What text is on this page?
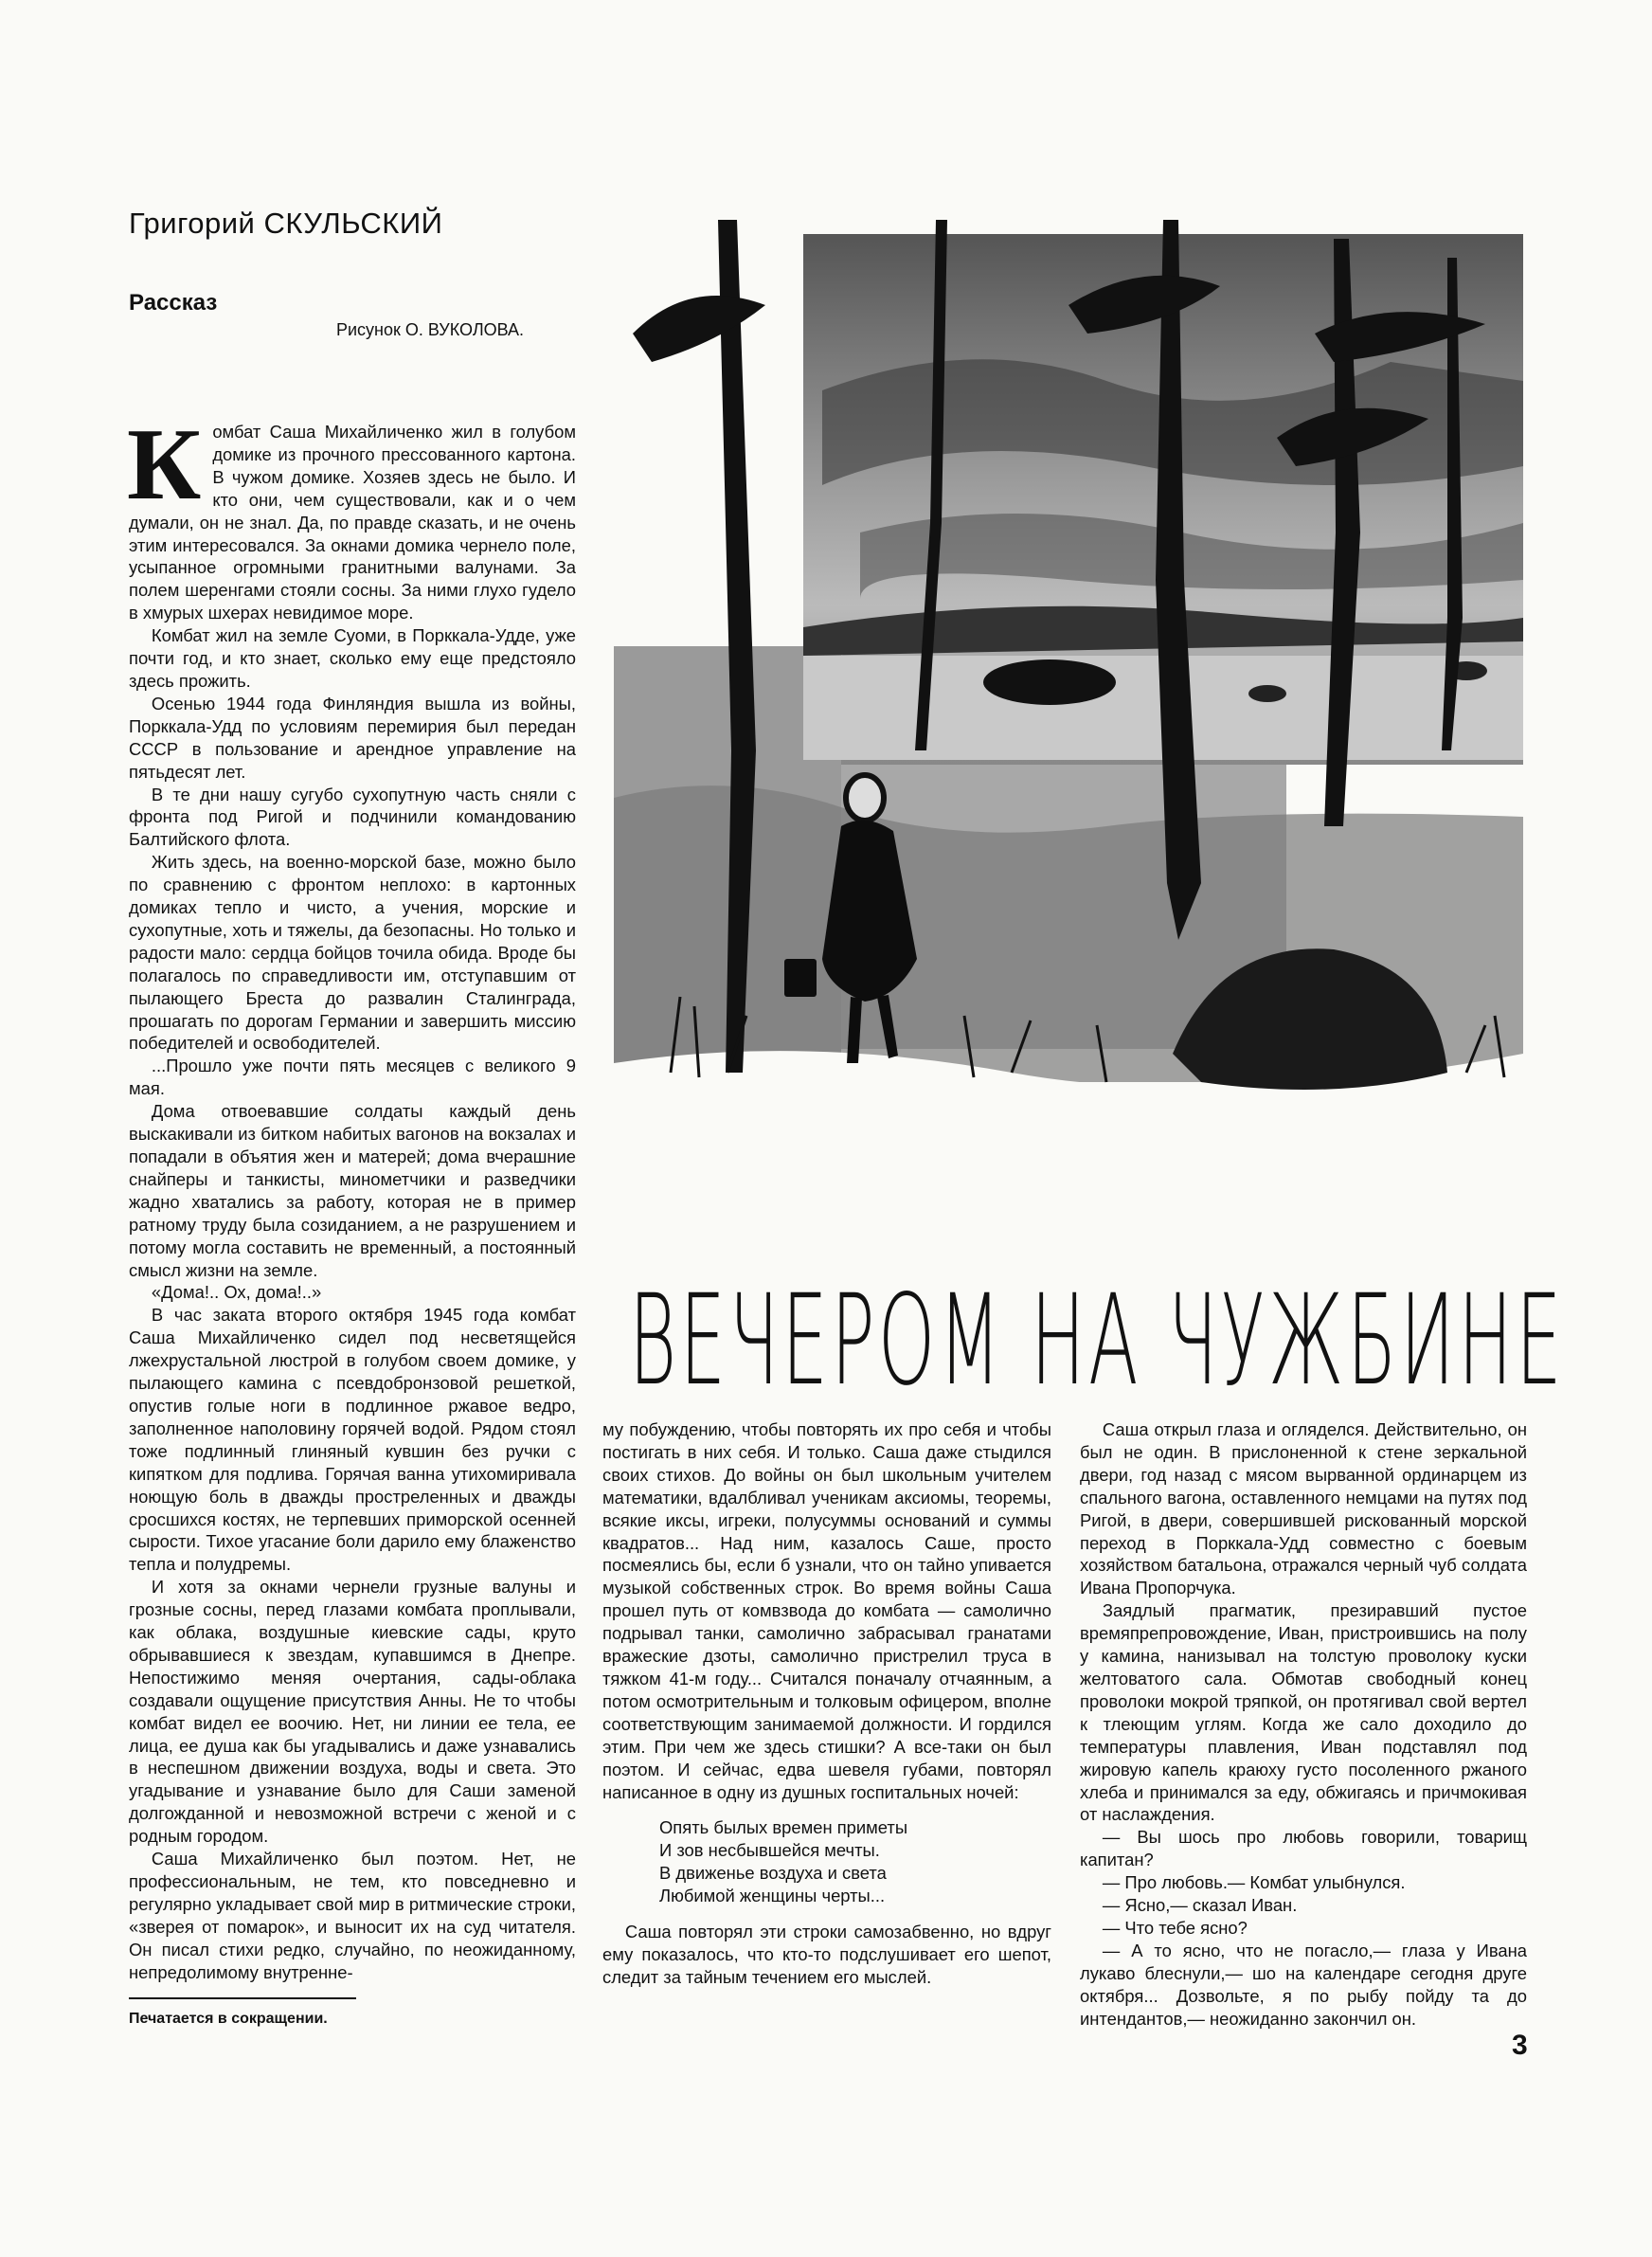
Григорий СКУЛЬСКИЙ
Рассказ
Рисунок О. ВУКОЛОВА.
ВЕЧЕРОМ НА ЧУЖБИНЕ

Комбат Саша Михайличенко жил в голубом домике из прочного прессованного картона. В чужом домике. Хозяев здесь не было. И кто они, чем существовали, как и о чем думали, он не знал. Да, по правде сказать, и не очень этим интересовался. За окнами домика чернело поле, усыпанное огромными гранитными валунами. За полем шеренгами стояли сосны. За ними глухо гудело в хмурых шхерах невидимое море.

Комбат жил на земле Суоми, в Порккала-Удде, уже почти год, и кто знает, сколько ему еще предстояло здесь прожить.

Осенью 1944 года Финляндия вышла из войны, Порккала-Удд по условиям перемирия был передан СССР в пользование и арендное управление на пятьдесят лет.

В те дни нашу сугубо сухопутную часть сняли с фронта под Ригой и подчинили командованию Балтийского флота.

Жить здесь, на военно-морской базе, можно было по сравнению с фронтом неплохо: в картонных домиках тепло и чисто, а учения, морские и сухопутные, хоть и тяжелы, да безопасны. Но только и радости мало: сердца бойцов точила обида. Вроде бы полагалось по справедливости им, отступавшим от пылающего Бреста до развалин Сталинграда, прошагать по дорогам Германии и завершить миссию победителей и освободителей.

...Прошло уже почти пять месяцев с великого 9 мая.

Дома отвоевавшие солдаты каждый день выскакивали из битком набитых вагонов на вокзалах и попадали в объятия жен и матерей; дома вчерашние снайперы и танкисты, минометчики и разведчики жадно хватались за работу, которая не в пример ратному труду была созиданием, а не разрушением и потому могла составить не временный, а постоянный смысл жизни на земле.

«Дома!.. Ох, дома!..»

В час заката второго октября 1945 года комбат Саша Михайличенко сидел под несветящейся лжехрустальной люстрой в голубом своем домике, у пылающего камина с псевдобронзовой решеткой, опустив голые ноги в подлинное ржавое ведро, заполненное наполовину горячей водой. Рядом стоял тоже подлинный глиняный кувшин без ручки с кипятком для подлива. Горячая ванна утихомиривала ноющую боль в дважды простреленных и дважды сросшихся костях, не терпевших приморской осенней сырости. Тихое угасание боли дарило ему блаженство тепла и полудремы.

И хотя за окнами чернели грузные валуны и грозные сосны, перед глазами комбата проплывали, как облака, воздушные киевские сады, круто обрывавшиеся к звездам, купавшимся в Днепре. Непостижимо меняя очертания, сады-облака создавали ощущение присутствия Анны. Не то чтобы комбат видел ее воочию. Нет, ни линии ее тела, ее лица, ее душа как бы угадывались и даже узнавались в неспешном движении воздуха, воды и света. Это угадывание и узнавание было для Саши заменой долгожданной и невозможной встречи с женой и с родным городом.

Саша Михайличенко был поэтом. Нет, не профессиональным, не тем, кто повседневно и регулярно укладывает свой мир в ритмические строки, «зверея от помарок», и выносит их на суд читателя. Он писал стихи редко, случайно, по неожиданному, непредолимому внутренне-

му побуждению, чтобы повторять их про себя и чтобы постигать в них себя. И только. Саша даже стыдился своих стихов. До войны он был школьным учителем математики, вдалбливал ученикам аксиомы, теоремы, всякие иксы, игреки, полусуммы оснований и суммы квадратов... Над ним, казалось Саше, просто посмеялись бы, если б узнали, что он тайно упивается музыкой собственных строк. Во время войны Саша прошел путь от комвзвода до комбата — самолично подрывал танки, самолично забрасывал гранатами вражеские дзоты, самолично пристрелил труса в тяжком 41-м году... Считался поначалу отчаянным, а потом осмотрительным и толковым офицером, вполне соответствующим занимаемой должности. И гордился этим. При чем же здесь стишки? А все-таки он был поэтом. И сейчас, едва шевеля губами, повторял написанное в одну из душных госпитальных ночей:

Опять былых времен приметы
И зов несбывшейся мечты.
В движенье воздуха и света
Любимой женщины черты...

Саша повторял эти строки самозабвенно, но вдруг ему показалось, что кто-то подслушивает его шепот, следит за тайным течением его мыслей.

Саша открыл глаза и огляделся. Действительно, он был не один. В прислоненной к стене зеркальной двери, год назад с мясом вырванной ординарцем из спального вагона, оставленного немцами на путях под Ригой, в двери, совершившей рискованный морской переход в Порккала-Удд совместно с боевым хозяйством батальона, отражался черный чуб солдата Ивана Пропорчука.

Заядлый прагматик, презиравший пустое времяпрепровождение, Иван, пристроившись на полу у камина, нанизывал на толстую проволоку куски желтоватого сала. Обмотав свободный конец проволоки мокрой тряпкой, он протягивал свой вертел к тлеющим углям. Когда же сало доходило до температуры плавления, Иван подставлял под жировую капель краюху густо посоленного ржаного хлеба и принимался за еду, обжигаясь и причмокивая от наслаждения.

— Вы шось про любовь говорили, товарищ капитан?

— Про любовь.— Комбат улыбнулся.

— Ясно,— сказал Иван.

— Что тебе ясно?

— А то ясно, что не погасло,— глаза у Ивана лукаво блеснули,— шо на календаре сегодня друге октября... Дозвольте, я по рыбу пойду та до интендантов,— неожиданно закончил он.

Печатается в сокращении.
3
